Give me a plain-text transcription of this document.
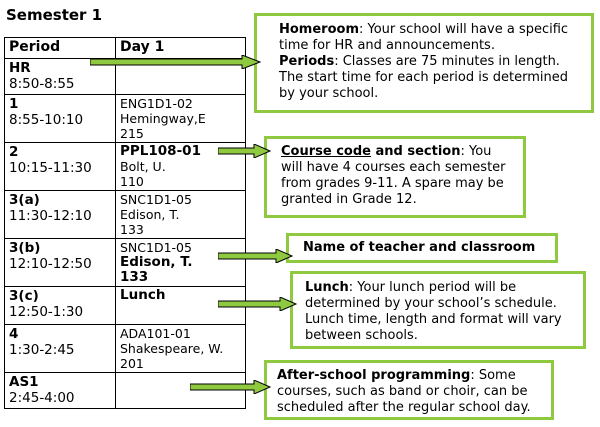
Semester 1
Period	Day 1

HR
8:50-8:55	

1
8:55-10:10	ENG1D1-02
Hemingway,E
215

2
10:15-11:30	PPL108-01
Bolt, U.
110

3(a)
11:30-12:10	SNC1D1-05
Edison, T.
133

3(b)
12:10-12:50	SNC1D1-05
Edison, T.
133

3(c)
12:50-1:30	Lunch

4
1:30-2:45	ADA101-01
Shakespeare, W.
201

AS1
2:45-4:00	

Homeroom: Your school will have a specific time for HR and announcements.
Periods: Classes are 75 minutes in length. The start time for each period is determined by your school.
Course code and section: You will have 4 courses each semester from grades 9-11. A spare may be granted in Grade 12.
Name of teacher and classroom
Lunch: Your lunch period will be determined by your school’s schedule. Lunch time, length and format will vary between schools.
After-school programming: Some courses, such as band or choir, can be scheduled after the regular school day.
